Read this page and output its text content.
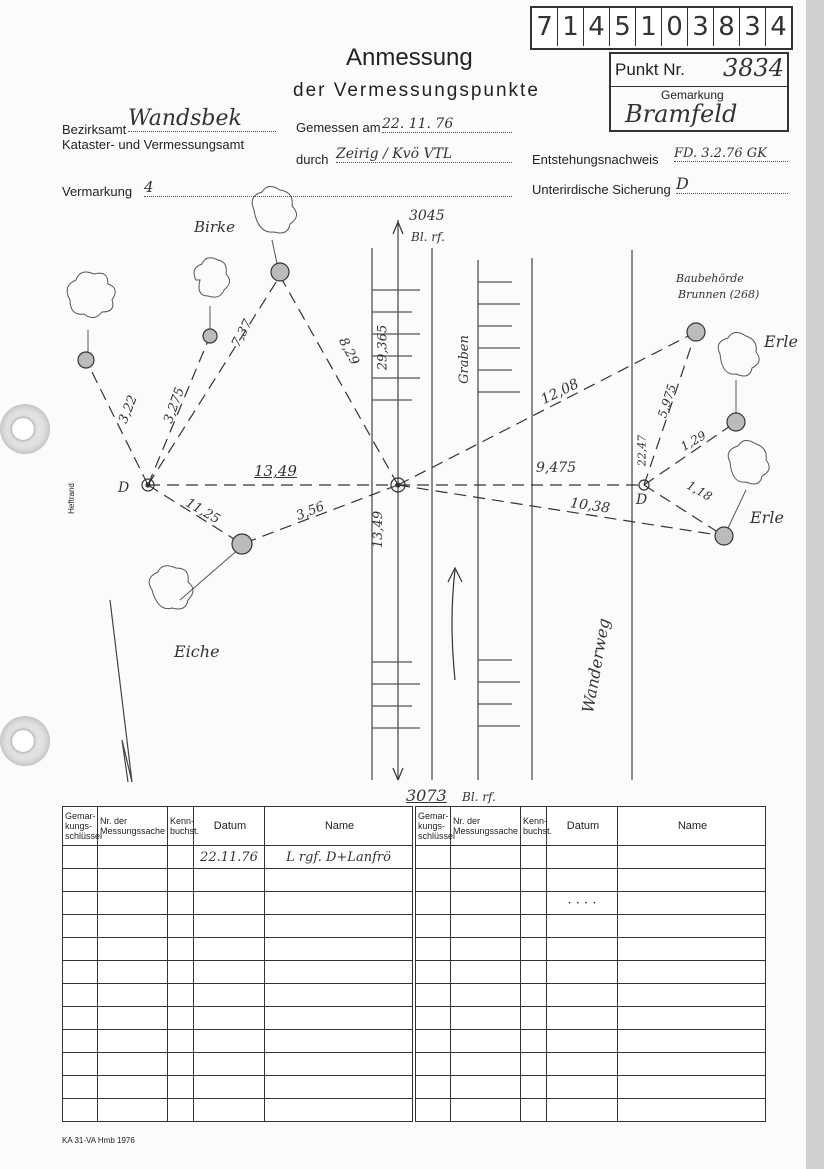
7 1 4 5 1 0 3 8 3 4
Anmessung
der Vermessungspunkte
Punkt Nr. 3834
Gemarkung
Bramfeld
Bezirksamt Wandsbek
Kataster- und Vermessungsamt
Gemessen am 22. 11. 76
durch Zeirig / Kvö VTL	Entstehungsnachweis FD. 3.2.76 GK
Vermarkung 4	Unterirdische Sicherung D
3045
Bl. rf.
3073 Bl. rf.
Graben
Wanderweg
Baubehörde
Brunnen (268)
Birke
Eiche
Erle
Erle
Heftrand	D
D
3,22 3,275
7,37
8,29 29,365
13,49
11,25	3,56	13,49
12,08
9,475
10,38
5,975
22,47	1,29
1,18
Gemar-kungs-schlüssel	Nr. der Messungssache	Kenn-buchst.	Datum	Name
			22.11.76	L rgf. D+Lanfrö

Gemar-kungs-schlüssel	Nr. der Messungssache	Kenn-buchst.	Datum	Name

			· · · ·	

KA 31-VA Hmb 1976
